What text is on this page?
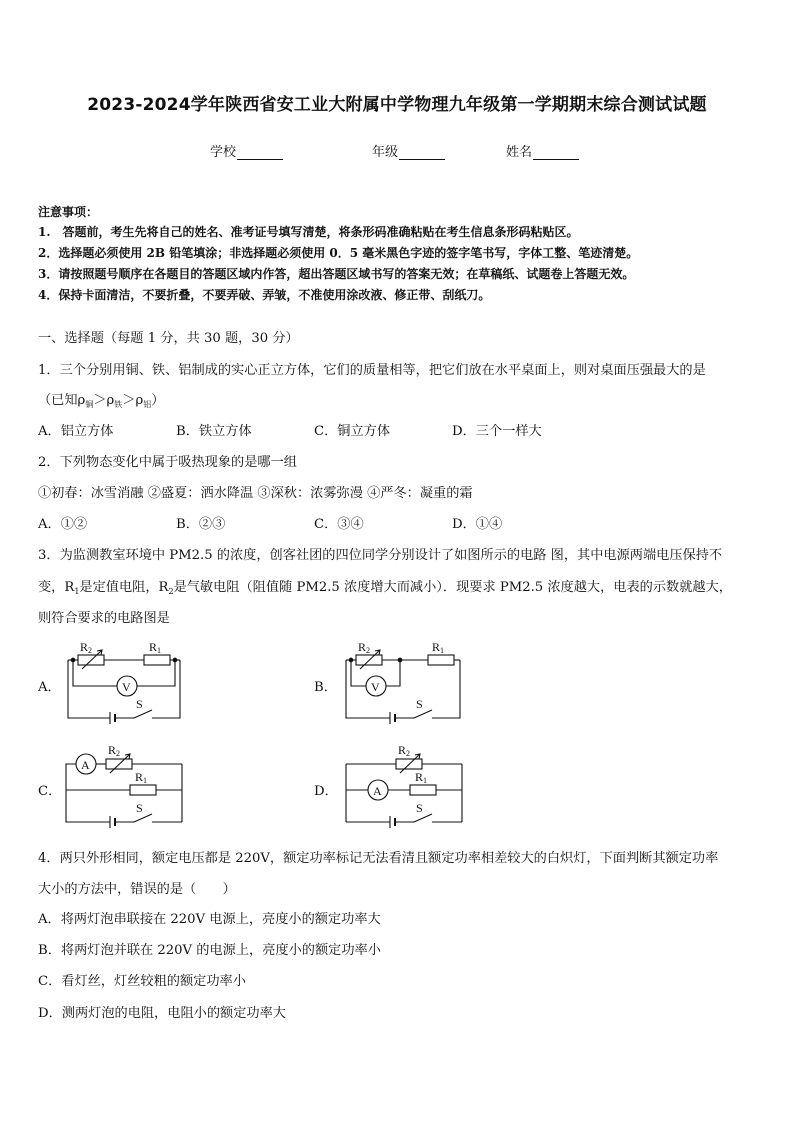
2023-2024学年陕西省安工业大附属中学物理九年级第一学期期末综合测试试题
学校	年级	姓名
注意事项：
1.　答题前，考生先将自己的姓名、准考证号填写清楚，将条形码准确粘贴在考生信息条形码粘贴区。
2．选择题必须使用 2B 铅笔填涂；非选择题必须使用 0．5 毫米黑色字迹的签字笔书写，字体工整、笔迹清楚。
3．请按照题号顺序在各题目的答题区域内作答，超出答题区域书写的答案无效；在草稿纸、试题卷上答题无效。
4．保持卡面清洁，不要折叠，不要弄破、弄皱，不准使用涂改液、修正带、刮纸刀。
一、选择题（每题 1 分，共 30 题，30 分）
1．三个分别用铜、铁、铝制成的实心正立方体，它们的质量相等，把它们放在水平桌面上，则对桌面压强最大的是
（已知$\rho_铜>\rho_铁>\rho_铝$）
A．铝立方体	B．铁立方体	C．铜立方体	D．三个一样大
2．下列物态变化中属于吸热现象的是哪一组
①初春：冰雪消融 ②盛夏：洒水降温 ③深秋：浓雾弥漫 ④严冬：凝重的霜
A．①②	B．②③	C．③④	D．①④
3．为监测教室环境中 PM2.5 的浓度，创客社团的四位同学分别设计了如图所示的电路 图，其中电源两端电压保持不
变，$R_1$是定值电阻，$R_2$是气敏电阻（阻值随 PM2.5 浓度增大而减小）．现要求 PM2.5 浓度越大，电表的示数就越大，
则符合要求的电路图是
A．	B．
C．	D．
R2	R1
V
S
R2	R1
V
S
A
R2
R1
S
R2
A
R1
S
4．两只外形相同，额定电压都是 220V，额定功率标记无法看清且额定功率相差较大的白炽灯，下面判断其额定功率
大小的方法中，错误的是（　　）
A．将两灯泡串联接在 220V 电源上，亮度小的额定功率大
B．将两灯泡并联在 220V 的电源上，亮度小的额定功率小
C．看灯丝，灯丝较粗的额定功率小
D．测两灯泡的电阻，电阻小的额定功率大
